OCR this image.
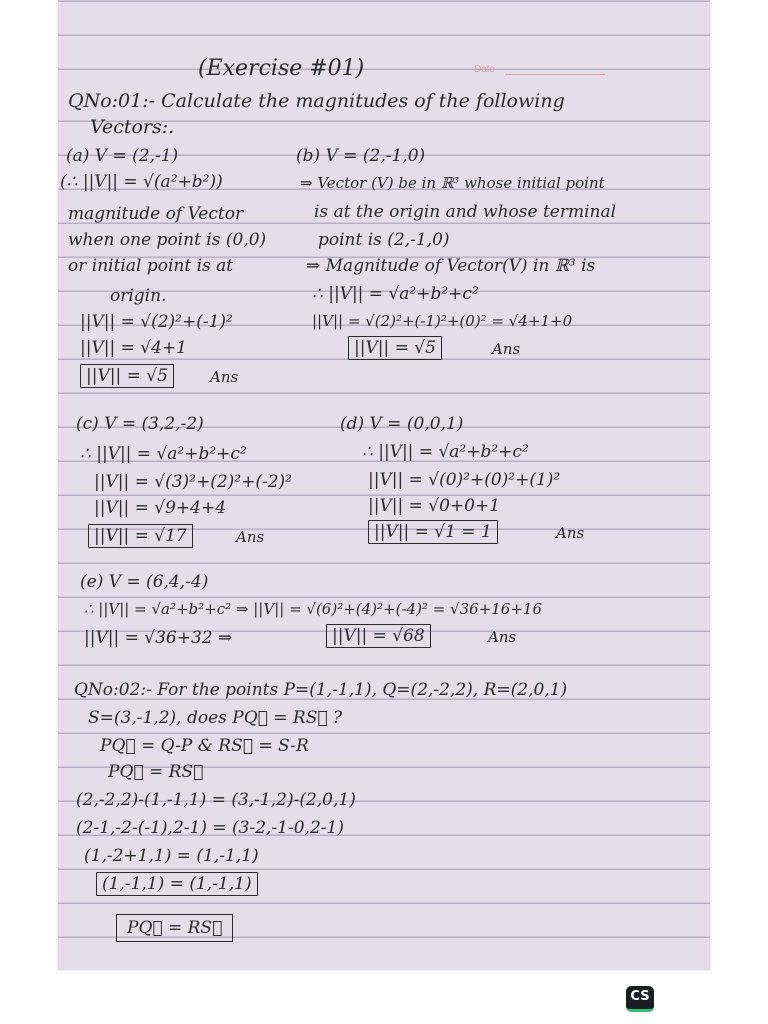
Date
(Exercise #01)
QNo:01:- Calculate the magnitudes of the following
Vectors:.
(a) V = (2,-1)
(∴ ||V|| = √(a²+b²))
magnitude of Vector
when one point is (0,0)
or initial point is at
origin.
||V|| = √(2)²+(-1)²
||V|| = √4+1
||V|| = √5	Ans
(b) V = (2,-1,0)
⇒ Vector (V) be in ℝ³ whose initial point
is at the origin and whose terminal
point is (2,-1,0)
⇒ Magnitude of Vector(V) in ℝ³ is
∴ ||V|| = √a²+b²+c²
||V|| = √(2)²+(-1)²+(0)² = √4+1+0
||V|| = √5	Ans
(c) V = (3,2,-2)
∴ ||V|| = √a²+b²+c²
||V|| = √(3)²+(2)²+(-2)²
||V|| = √9+4+4
||V|| = √17	Ans
(d) V = (0,0,1)
∴ ||V|| = √a²+b²+c²
||V|| = √(0)²+(0)²+(1)²
||V|| = √0+0+1
||V|| = √1 = 1	Ans
(e) V = (6,4,-4)
∴ ||V|| = √a²+b²+c² ⇒ ||V|| = √(6)²+(4)²+(-4)² = √36+16+16
||V|| = √36+32 ⇒	||V|| = √68	Ans
QNo:02:- For the points P=(1,-1,1), Q=(2,-2,2), R=(2,0,1)
S=(3,-1,2), does PQ⃗ = RS⃗ ?
PQ⃗ = Q-P & RS⃗ = S-R
PQ⃗ = RS⃗
(2,-2,2)-(1,-1,1) = (3,-1,2)-(2,0,1)
(2-1,-2-(-1),2-1) = (3-2,-1-0,2-1)
(1,-2+1,1) = (1,-1,1)
(1,-1,1) = (1,-1,1)
PQ⃗ = RS⃗
CS
